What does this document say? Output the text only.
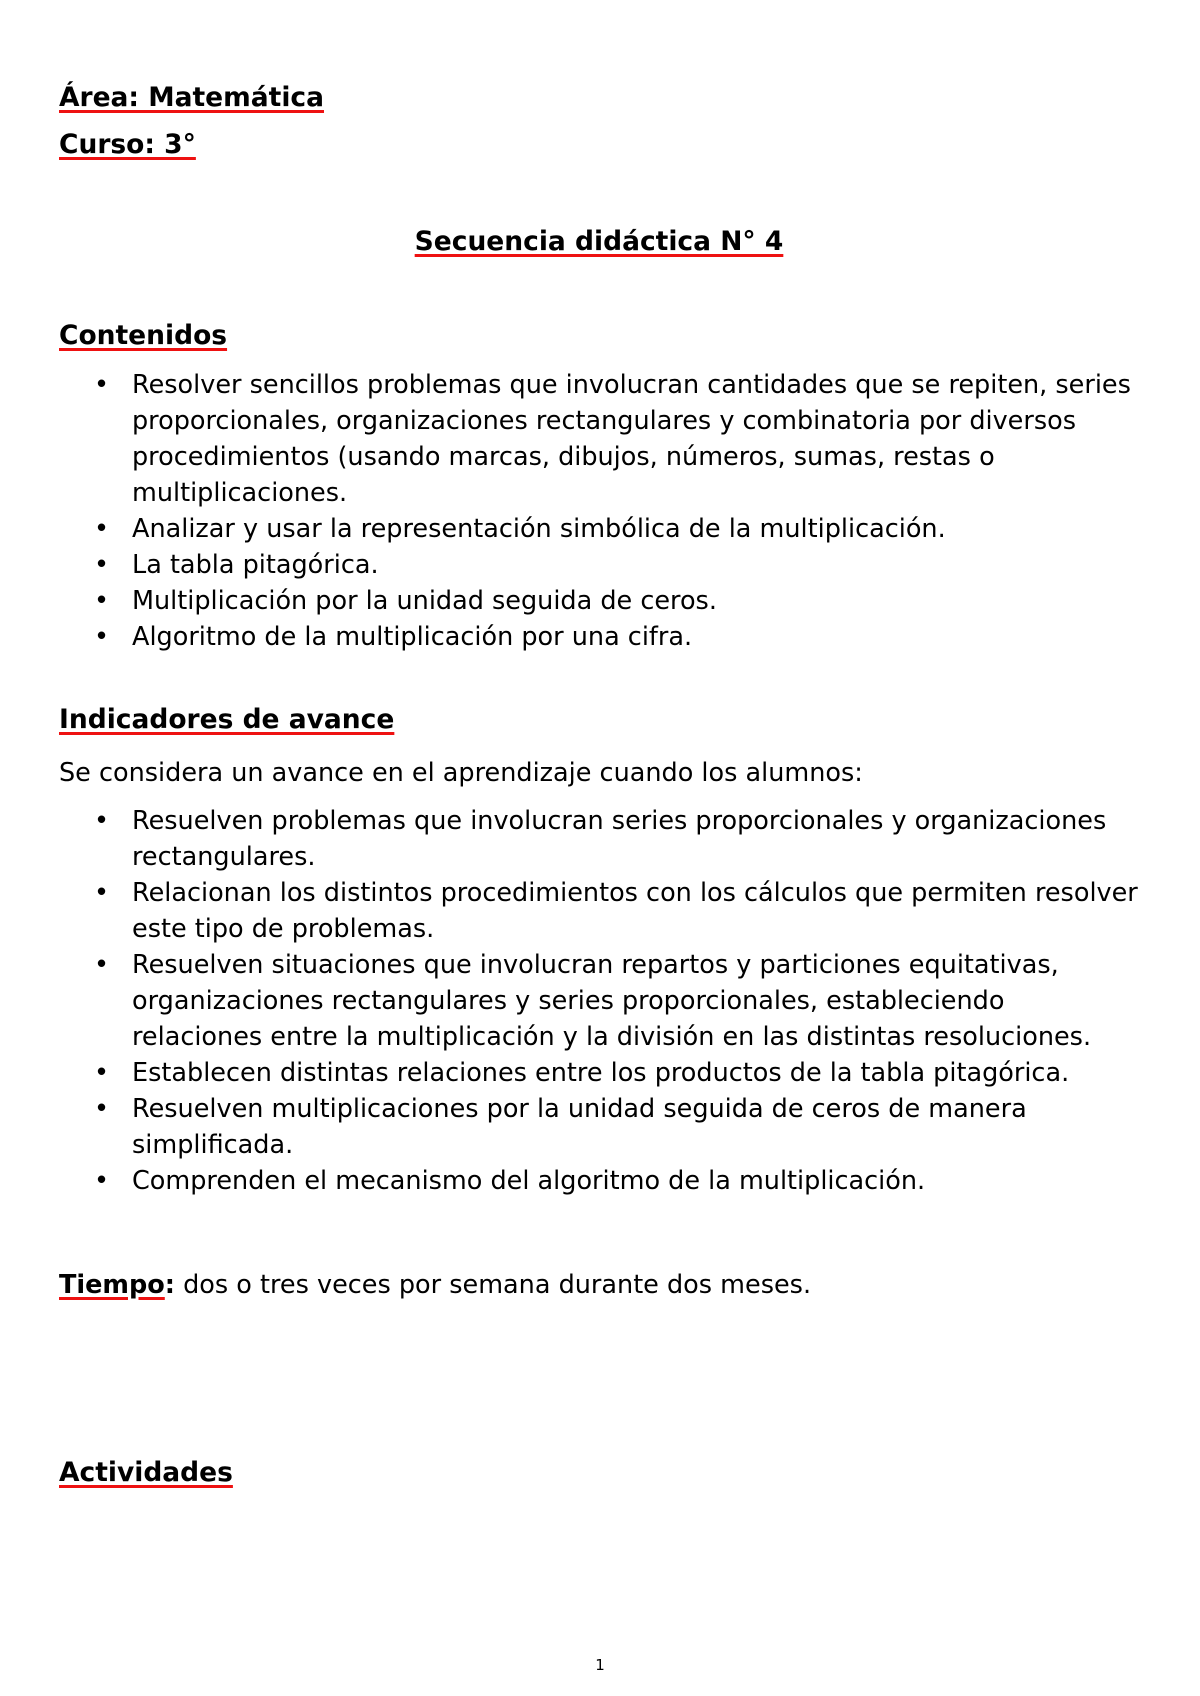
Área: Matemática

Curso: 3°

Secuencia didáctica N° 4

Contenidos

• Resolver sencillos problemas que involucran cantidades que se repiten, series proporcionales, organizaciones rectangulares y combinatoria por diversos procedimientos (usando marcas, dibujos, números, sumas, restas o multiplicaciones.
• Analizar y usar la representación simbólica de la multiplicación.
• La tabla pitagórica.
• Multiplicación por la unidad seguida de ceros.
• Algoritmo de la multiplicación por una cifra.

Indicadores de avance

Se considera un avance en el aprendizaje cuando los alumnos:

• Resuelven problemas que involucran series proporcionales y organizaciones rectangulares.
• Relacionan los distintos procedimientos con los cálculos que permiten resolver este tipo de problemas.
• Resuelven situaciones que involucran repartos y particiones equitativas, organizaciones rectangulares y series proporcionales, estableciendo relaciones entre la multiplicación y la división en las distintas resoluciones.
• Establecen distintas relaciones entre los productos de la tabla pitagórica.
• Resuelven multiplicaciones por la unidad seguida de ceros de manera simplificada.
• Comprenden el mecanismo del algoritmo de la multiplicación.

Tiempo: dos o tres veces por semana durante dos meses.

Actividades

1
